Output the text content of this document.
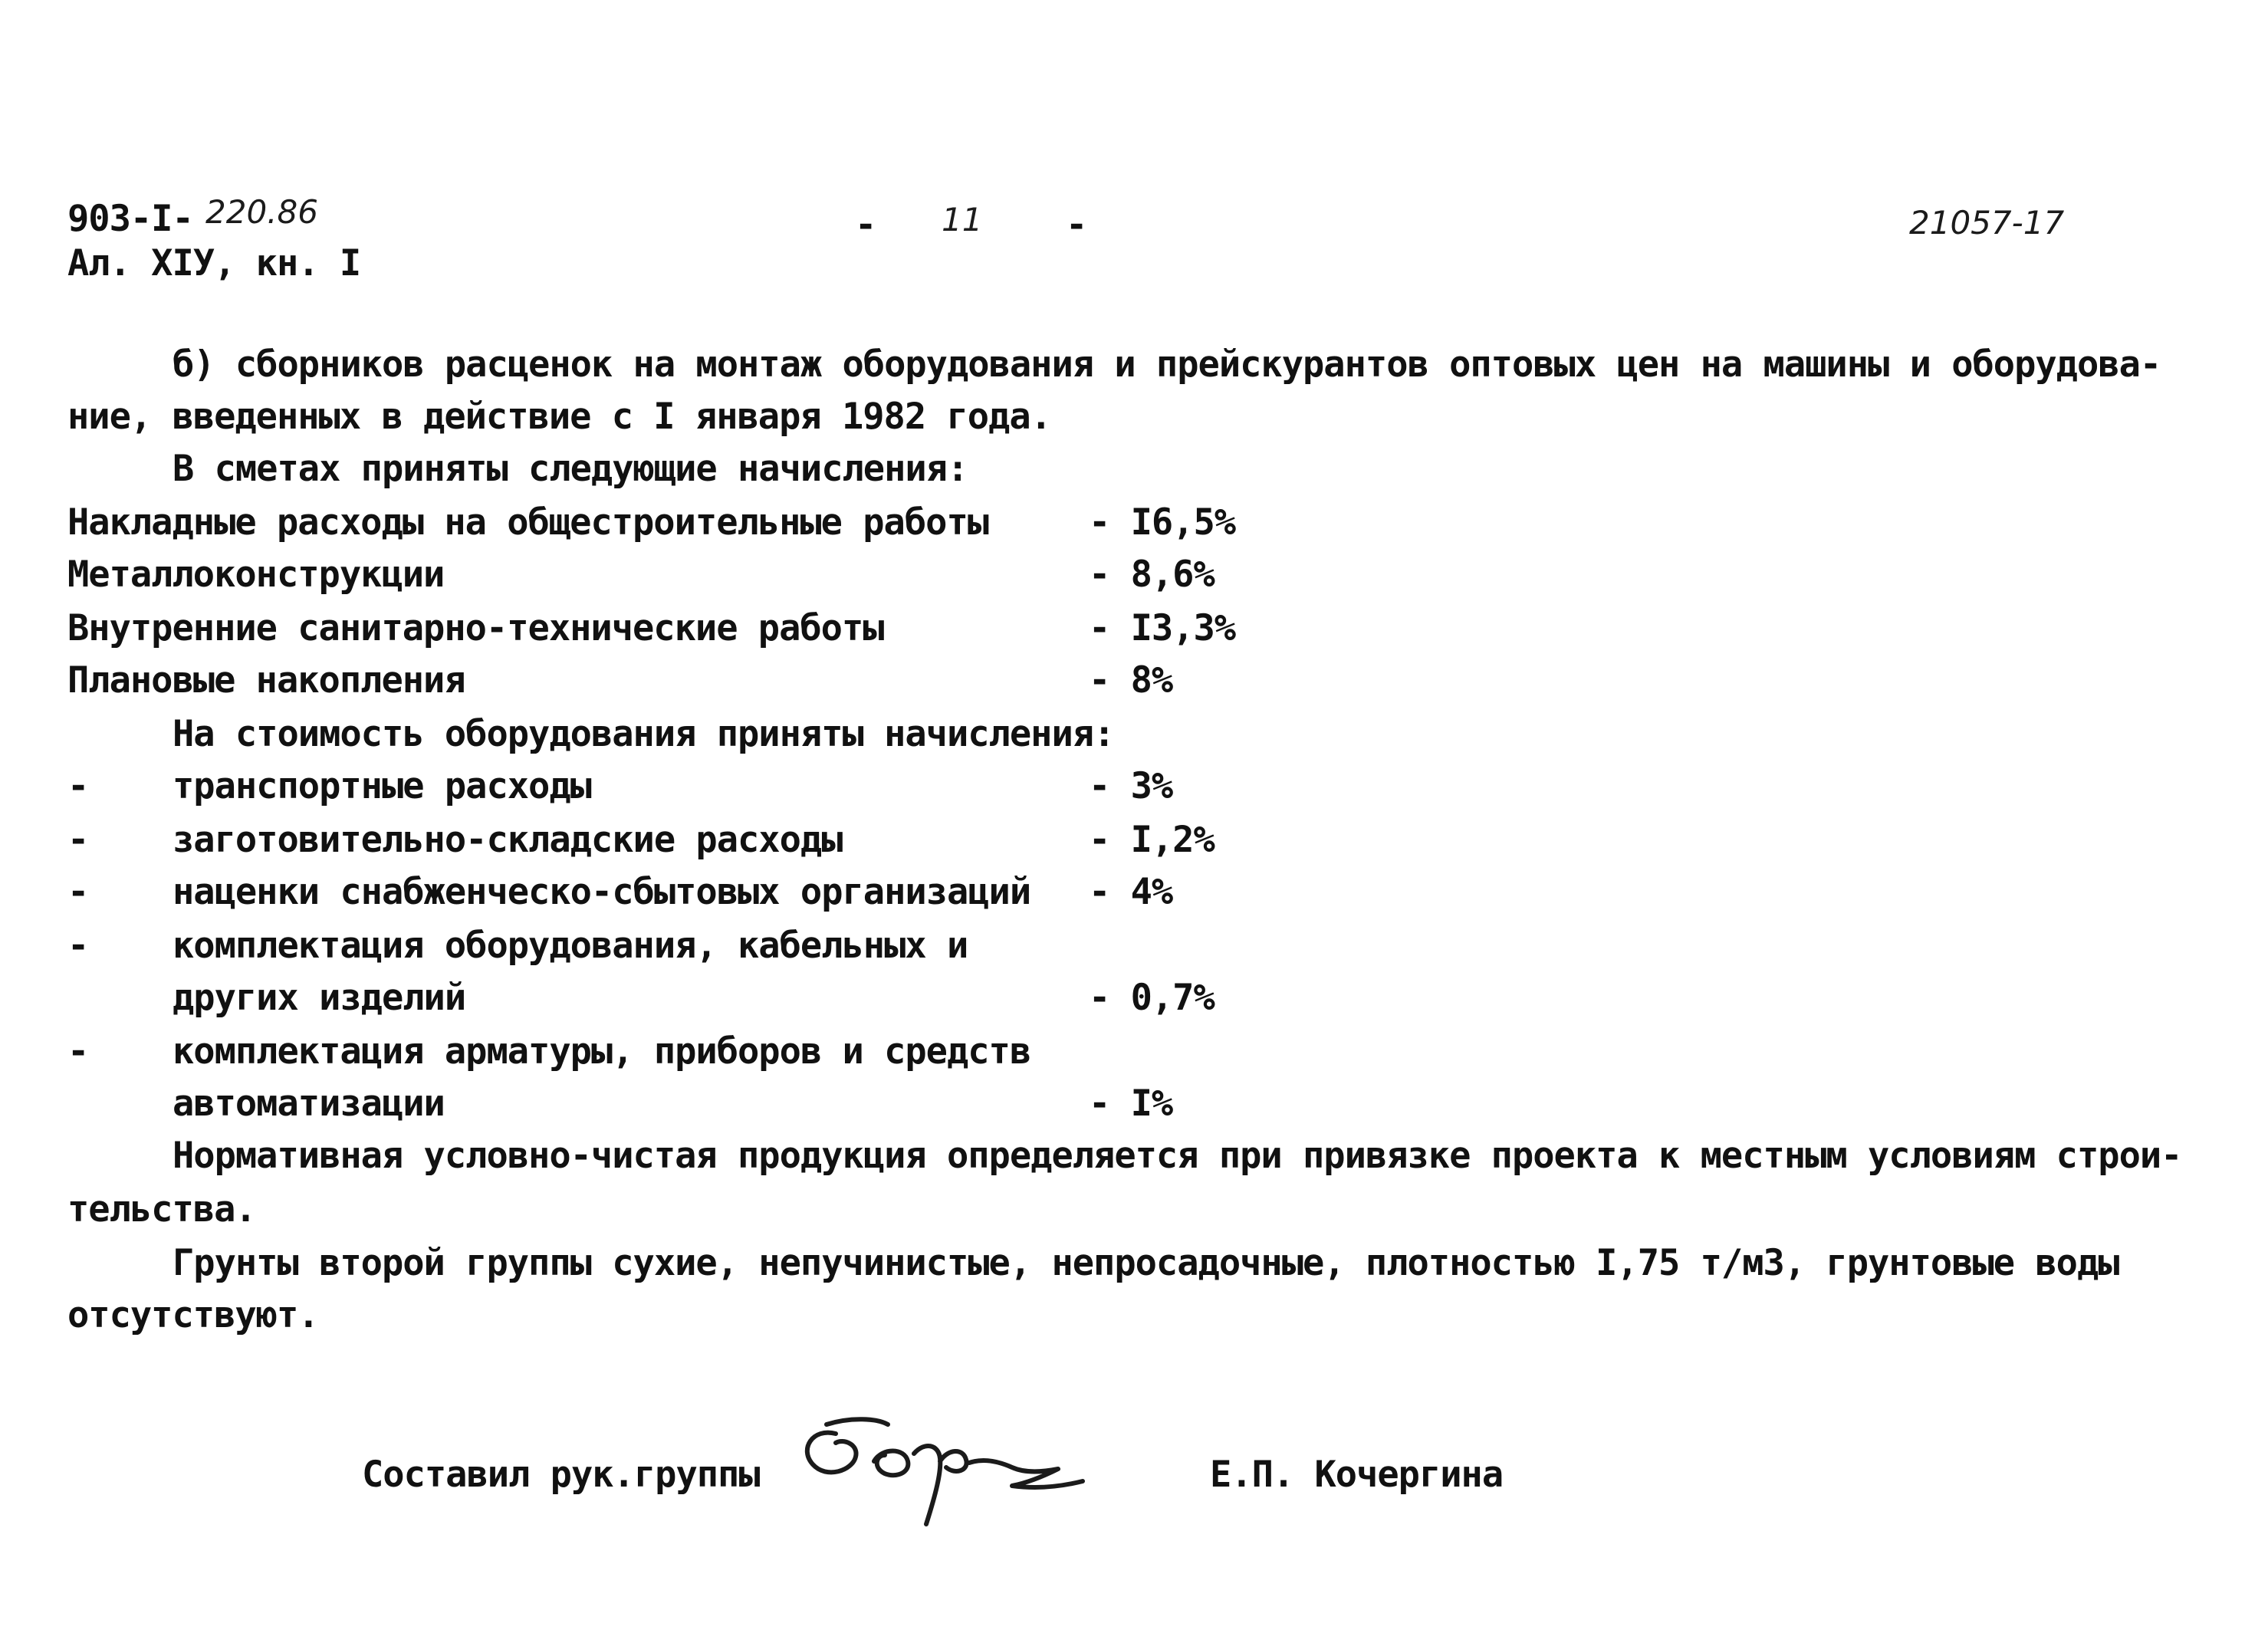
903-I- 220.86
Ал. ХIУ, кн. I
- 11 -	21057-17
б) сборников расценок на монтаж оборудования и прейскурантов оптовых цен на машины и оборудова-
ние, введенных в действие с I января 1982 года.
В сметах приняты следующие начисления:
Накладные расходы на общестроительные работы	- I6,5%
Металлоконструкции	- 8,6%
Внутренние санитарно-технические работы	- I3,3%
Плановые накопления	- 8%
На стоимость оборудования приняты начисления:
- транспортные расходы	- 3%
- заготовительно-складские расходы	- I,2%
- наценки снабженческо-сбытовых организаций - 4%
- комплектация оборудования, кабельных и
других изделий	- 0,7%
- комплектация арматуры, приборов и средств
автоматизации	- I%
Нормативная условно-чистая продукция определяется при привязке проекта к местным условиям строи-
тельства.
Грунты второй группы сухие, непучинистые, непросадочные, плотностью I,75 т/м3, грунтовые воды
отсутствуют.
Составил рук.группы	Е.П. Кочергина
